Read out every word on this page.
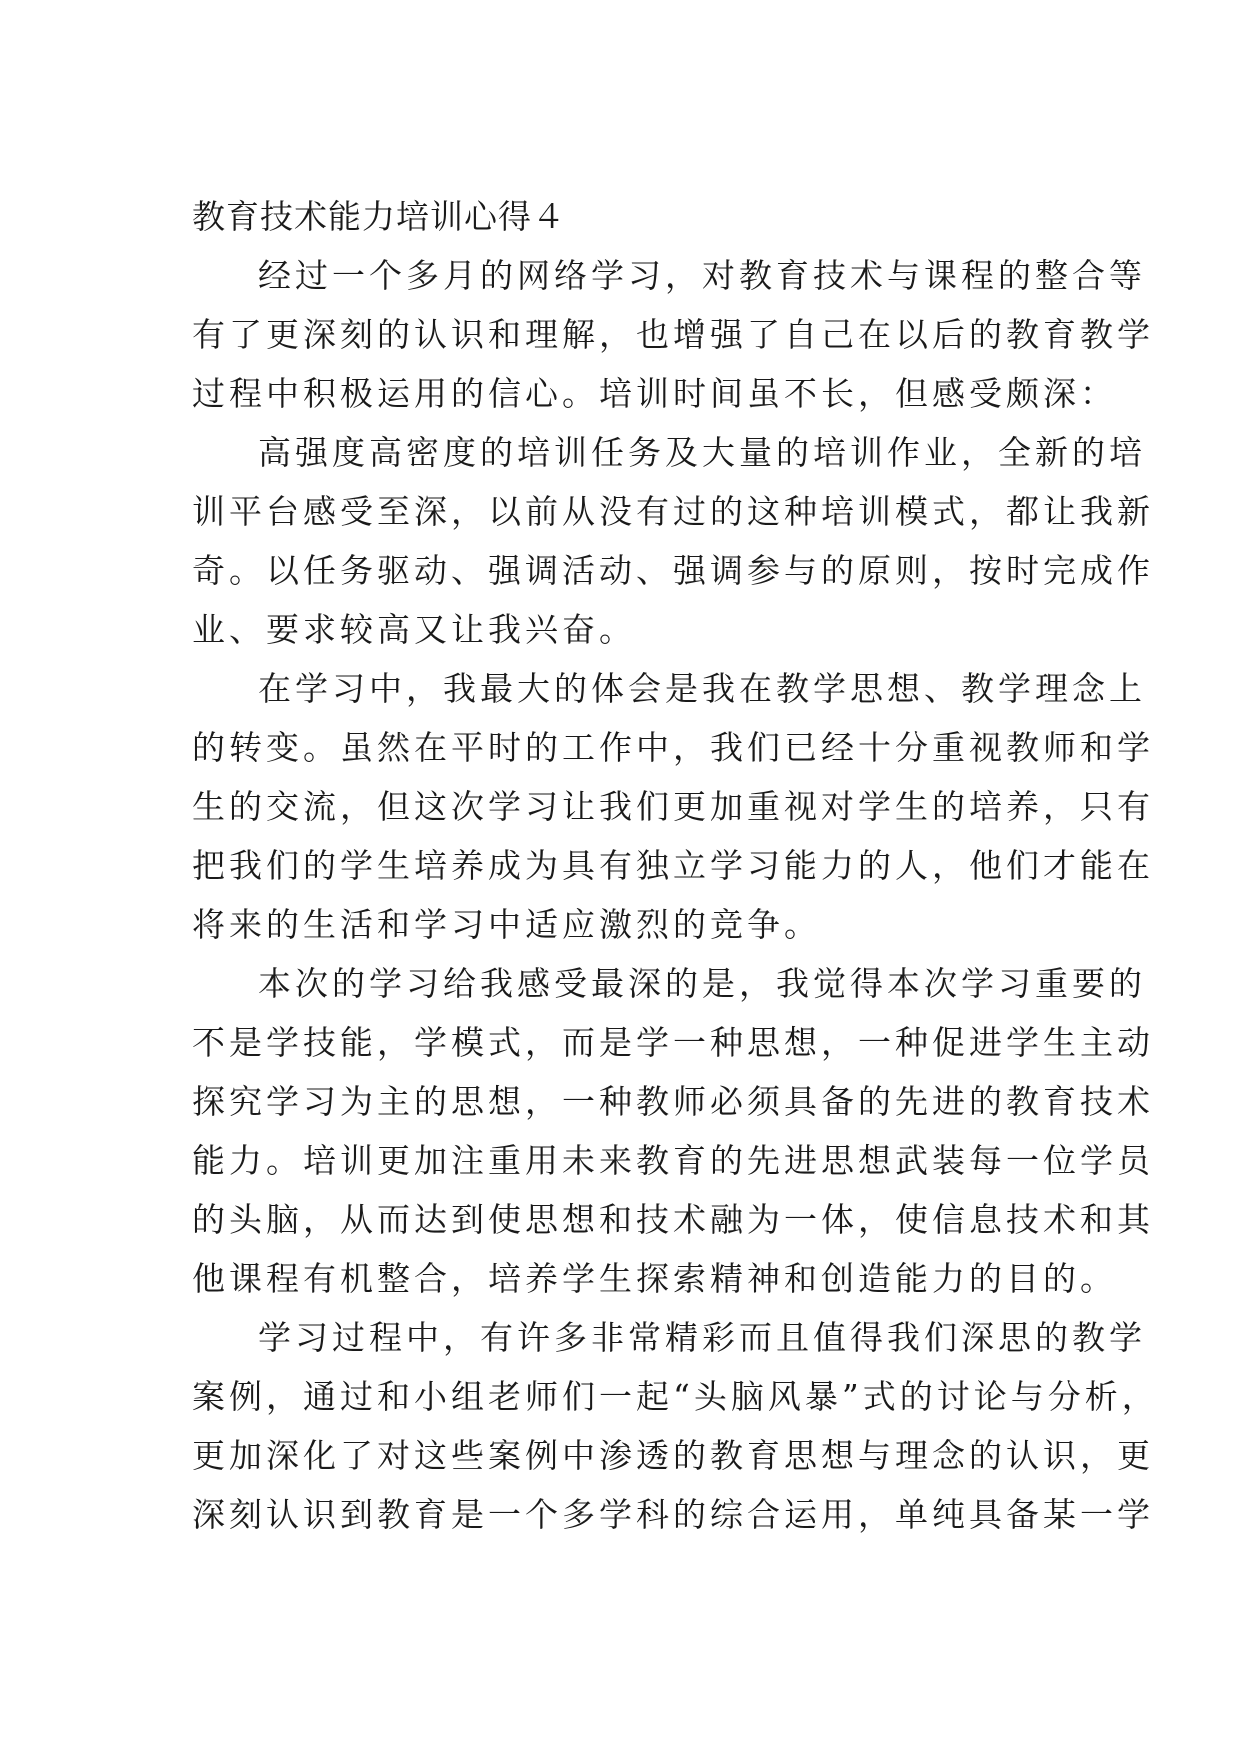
教育技术能力培训心得４
经过一个多月的网络学习，对教育技术与课程的整合等
有了更深刻的认识和理解，也增强了自己在以后的教育教学
过程中积极运用的信心。培训时间虽不长，但感受颇深：
高强度高密度的培训任务及大量的培训作业，全新的培
训平台感受至深，以前从没有过的这种培训模式，都让我新
奇。以任务驱动、强调活动、强调参与的原则，按时完成作
业、要求较高又让我兴奋。
在学习中，我最大的体会是我在教学思想、教学理念上
的转变。虽然在平时的工作中，我们已经十分重视教师和学
生的交流，但这次学习让我们更加重视对学生的培养，只有
把我们的学生培养成为具有独立学习能力的人，他们才能在
将来的生活和学习中适应激烈的竞争。
本次的学习给我感受最深的是，我觉得本次学习重要的
不是学技能，学模式，而是学一种思想，一种促进学生主动
探究学习为主的思想，一种教师必须具备的先进的教育技术
能力。培训更加注重用未来教育的先进思想武装每一位学员
的头脑，从而达到使思想和技术融为一体，使信息技术和其
他课程有机整合，培养学生探索精神和创造能力的目的。
学习过程中，有许多非常精彩而且值得我们深思的教学
案例，通过和小组老师们一起“头脑风暴”式的讨论与分析，
更加深化了对这些案例中渗透的教育思想与理念的认识，更
深刻认识到教育是一个多学科的综合运用，单纯具备某一学
